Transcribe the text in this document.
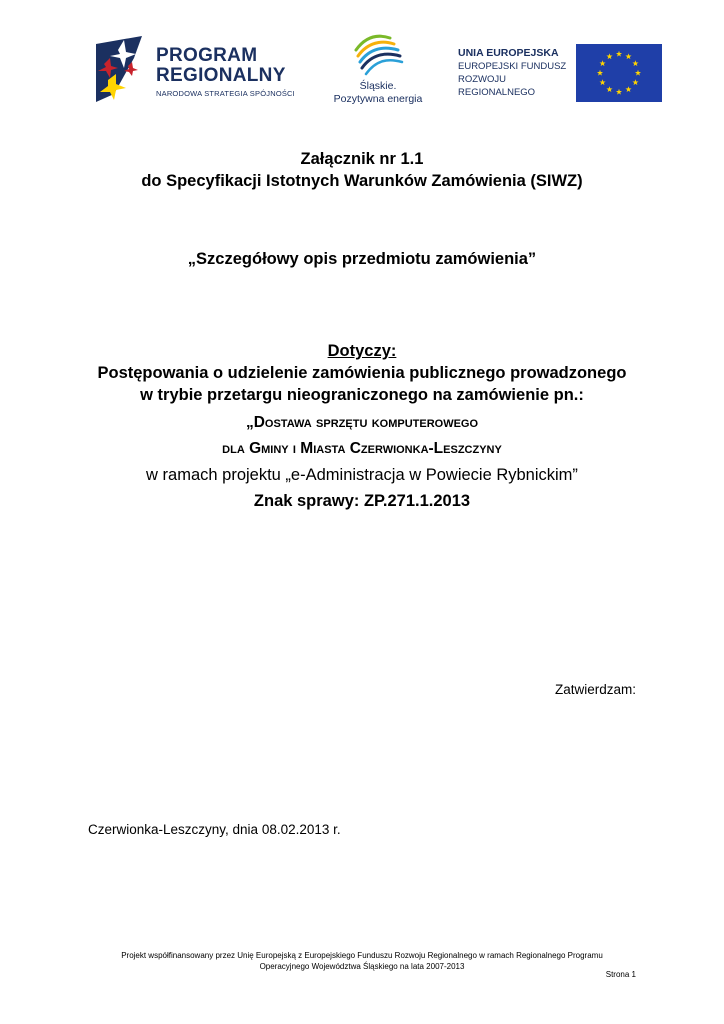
PROGRAM
REGIONALNY
NARODOWA STRATEGIA SPÓJNOŚCI
Śląskie.
Pozytywna energia
UNIA EUROPEJSKA
EUROPEJSKI FUNDUSZ
ROZWOJU REGIONALNEGO
Załącznik nr 1.1
do Specyfikacji Istotnych Warunków Zamówienia (SIWZ)
„Szczegółowy opis przedmiotu zamówienia”
Dotyczy:
Postępowania o udzielenie zamówienia publicznego prowadzonego
w trybie przetargu nieograniczonego na zamówienie pn.:
„Dostawa sprzętu komputerowego
dla Gminy i Miasta Czerwionka-Leszczyny
w ramach projektu „e-Administracja w Powiecie Rybnickim”
Znak sprawy: ZP.271.1.2013
Zatwierdzam:
Czerwionka-Leszczyny, dnia 08.02.2013 r.
Projekt współfinansowany przez Unię Europejską z Europejskiego Funduszu Rozwoju Regionalnego w ramach Regionalnego Programu
Operacyjnego Województwa Śląskiego na lata 2007-2013
Strona 1
